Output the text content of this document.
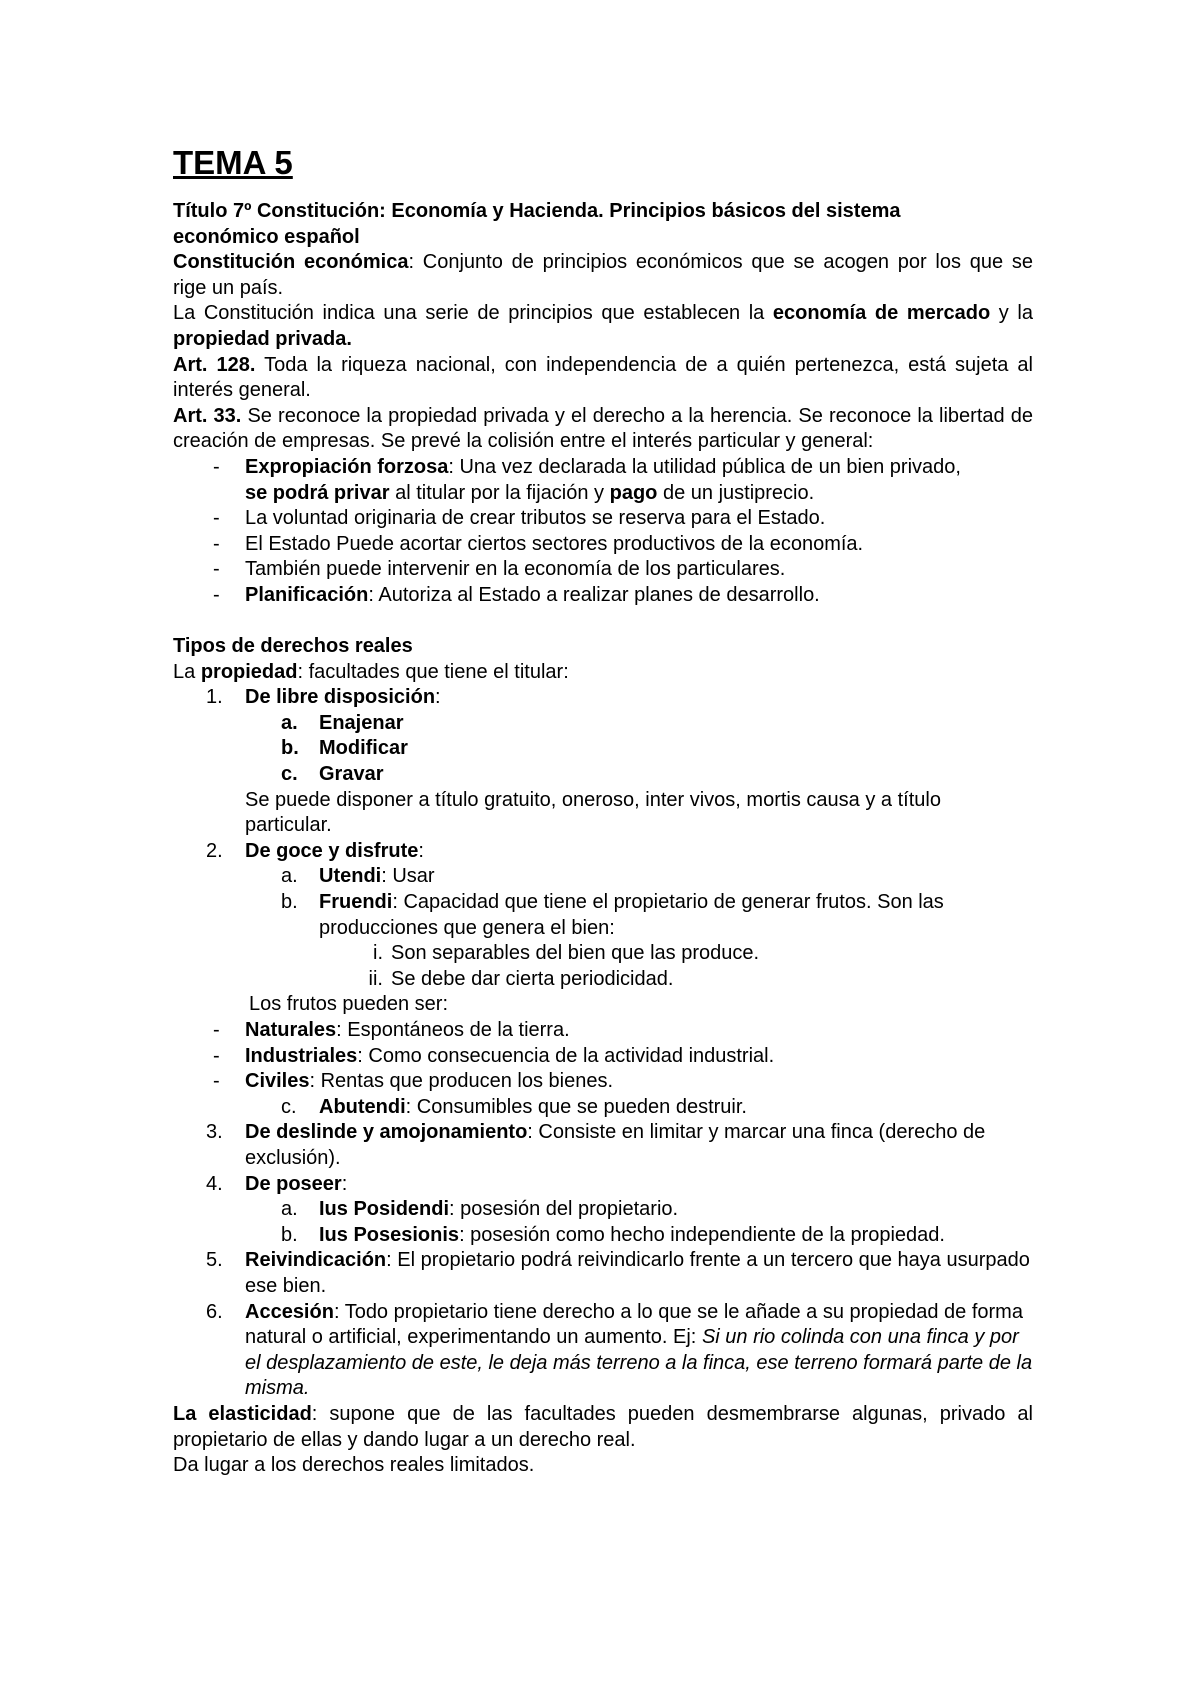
TEMA 5

Título 7º Constitución: Economía y Hacienda. Principios básicos del sistema

económico español

Constitución económica: Conjunto de principios económicos que se acogen por los que se rige un país.

La Constitución indica una serie de principios que establecen la economía de mercado y la propiedad privada.

Art. 128. Toda la riqueza nacional, con independencia de a quién pertenezca, está sujeta al interés general.

Art. 33. Se reconoce la propiedad privada y el derecho a la herencia. Se reconoce la libertad de creación de empresas. Se prevé la colisión entre el interés particular y general:

- Expropiación forzosa: Una vez declarada la utilidad pública de un bien privado,
se podrá privar al titular por la fijación y pago de un justiprecio.
- La voluntad originaria de crear tributos se reserva para el Estado.
- El Estado Puede acortar ciertos sectores productivos de la economía.
- También puede intervenir en la economía de los particulares.
- Planificación: Autoriza al Estado a realizar planes de desarrollo.

Tipos de derechos reales

La propiedad: facultades que tiene el titular:

1. De libre disposición:
a. Enajenar
b. Modificar
c. Gravar

Se puede disponer a título gratuito, oneroso, inter vivos, mortis causa y a título particular.

2. De goce y disfrute:
a. Utendi: Usar
b. Fruendi: Capacidad que tiene el propietario de generar frutos. Son las producciones que genera el bien:
i. Son separables del bien que las produce.
ii. Se debe dar cierta periodicidad.

Los frutos pueden ser:

- Naturales: Espontáneos de la tierra.
- Industriales: Como consecuencia de la actividad industrial.
- Civiles: Rentas que producen los bienes.
c. Abutendi: Consumibles que se pueden destruir.
3. De deslinde y amojonamiento: Consiste en limitar y marcar una finca (derecho de exclusión).
4. De poseer:
a. Ius Posidendi: posesión del propietario.
b. Ius Posesionis: posesión como hecho independiente de la propiedad.
5. Reivindicación: El propietario podrá reivindicarlo frente a un tercero que haya usurpado ese bien.
6. Accesión: Todo propietario tiene derecho a lo que se le añade a su propiedad de forma natural o artificial, experimentando un aumento. Ej: Si un rio colinda con una finca y por el desplazamiento de este, le deja más terreno a la finca, ese terreno formará parte de la misma.

La elasticidad: supone que de las facultades pueden desmembrarse algunas, privado al propietario de ellas y dando lugar a un derecho real.

Da lugar a los derechos reales limitados.
